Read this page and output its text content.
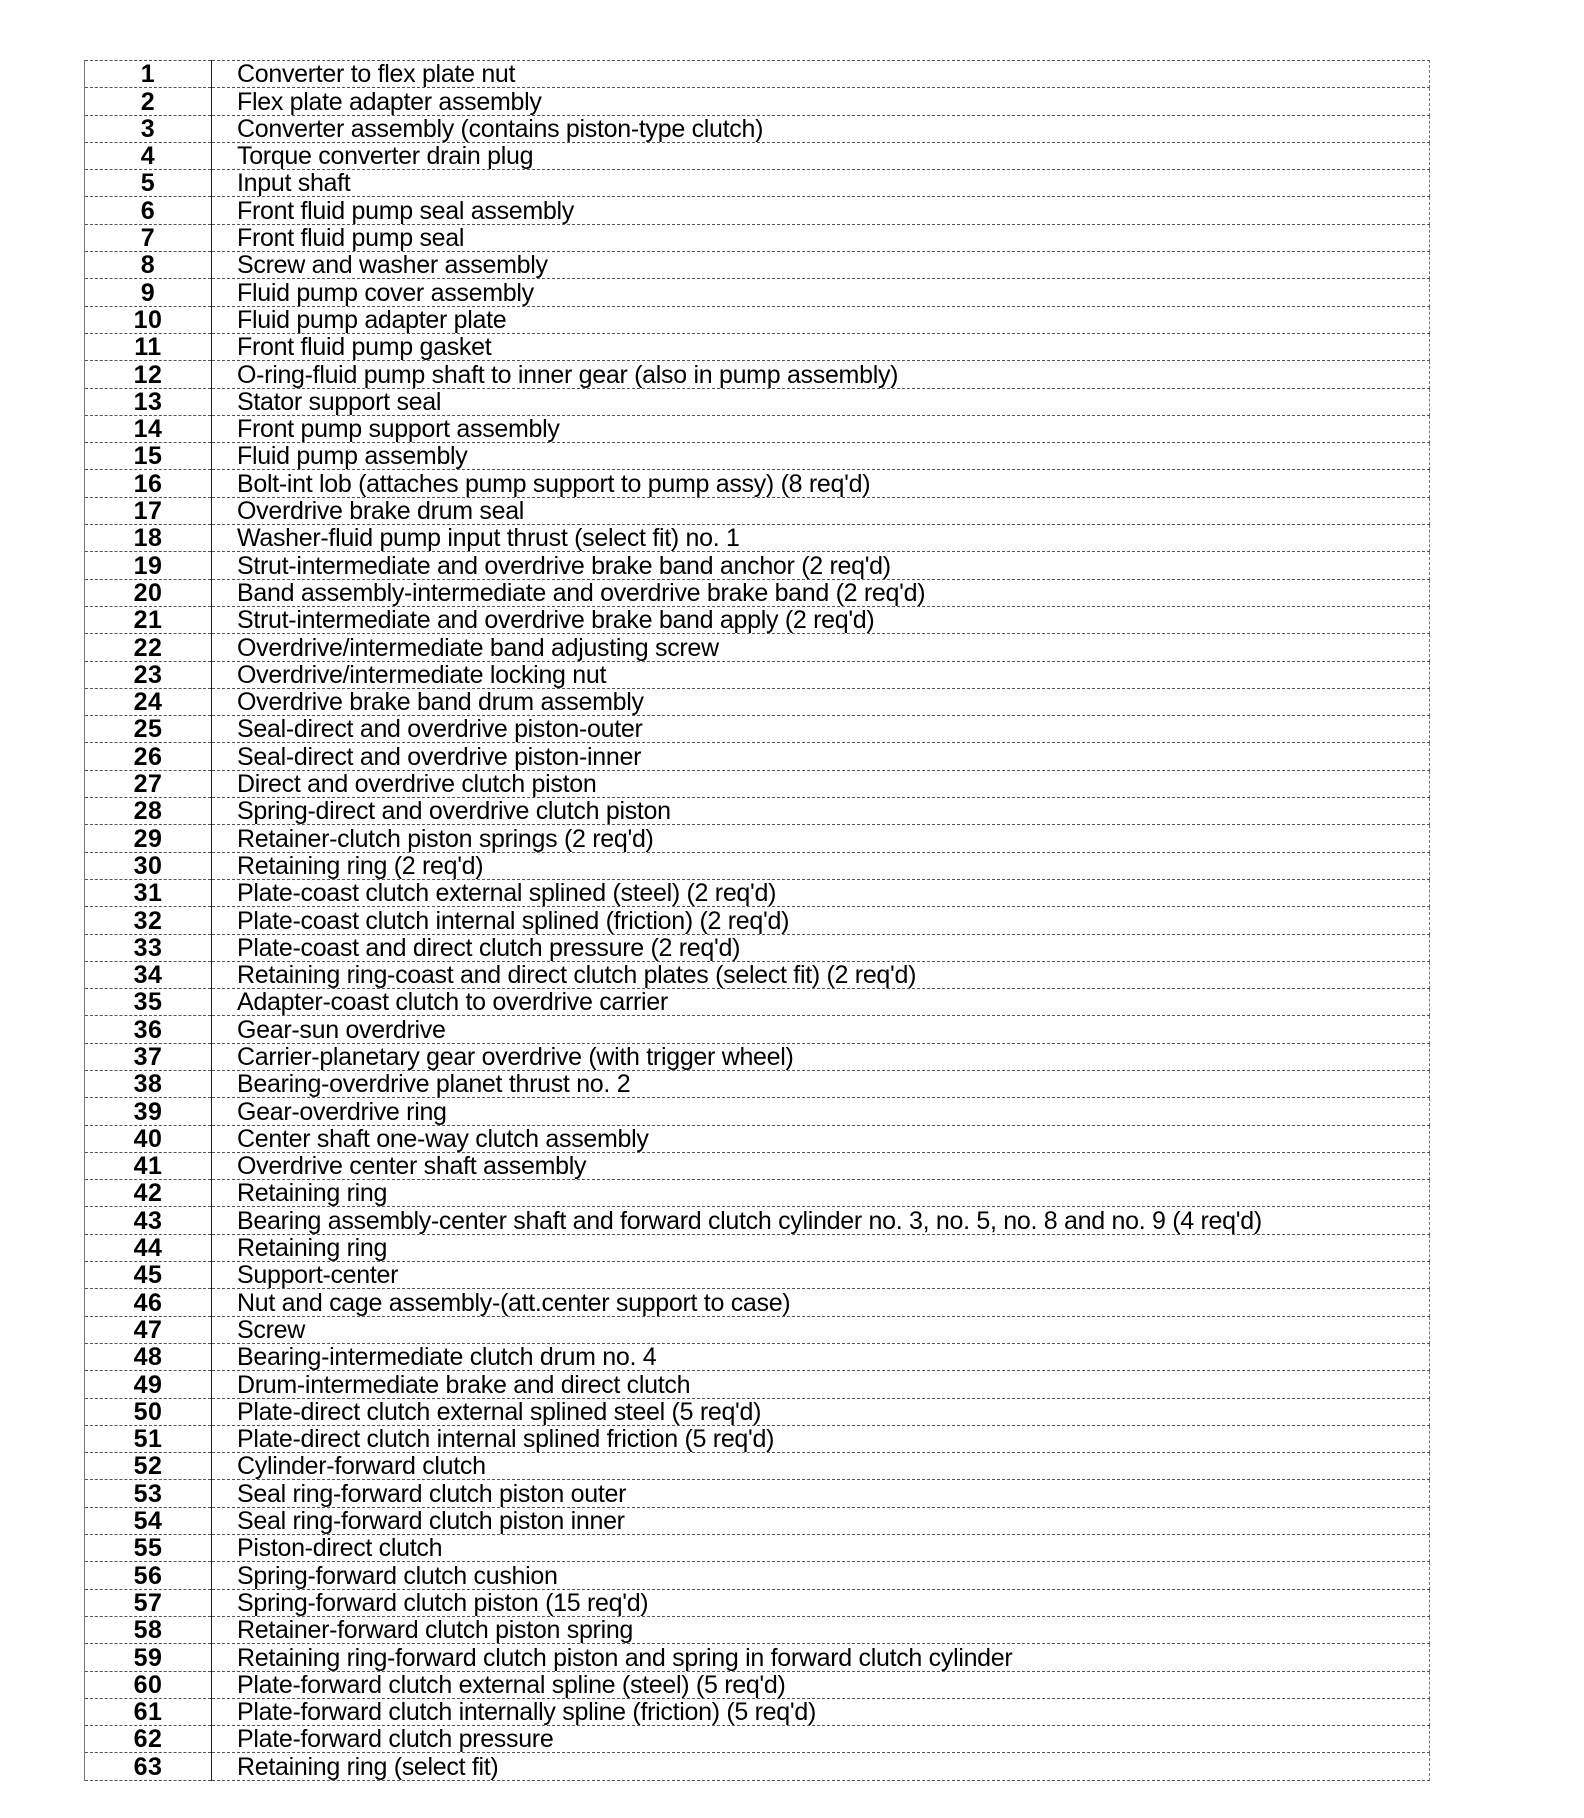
1	Converter to flex plate nut
2	Flex plate adapter assembly
3	Converter assembly (contains piston-type clutch)
4	Torque converter drain plug
5	Input shaft
6	Front fluid pump seal assembly
7	Front fluid pump seal
8	Screw and washer assembly
9	Fluid pump cover assembly
10	Fluid pump adapter plate
11	Front fluid pump gasket
12	O-ring-fluid pump shaft to inner gear (also in pump assembly)
13	Stator support seal
14	Front pump support assembly
15	Fluid pump assembly
16	Bolt-int lob (attaches pump support to pump assy) (8 req'd)
17	Overdrive brake drum seal
18	Washer-fluid pump input thrust (select fit) no. 1
19	Strut-intermediate and overdrive brake band anchor (2 req'd)
20	Band assembly-intermediate and overdrive brake band (2 req'd)
21	Strut-intermediate and overdrive brake band apply (2 req'd)
22	Overdrive/intermediate band adjusting screw
23	Overdrive/intermediate locking nut
24	Overdrive brake band drum assembly
25	Seal-direct and overdrive piston-outer
26	Seal-direct and overdrive piston-inner
27	Direct and overdrive clutch piston
28	Spring-direct and overdrive clutch piston
29	Retainer-clutch piston springs (2 req'd)
30	Retaining ring (2 req'd)
31	Plate-coast clutch external splined (steel) (2 req'd)
32	Plate-coast clutch internal splined (friction) (2 req'd)
33	Plate-coast and direct clutch pressure (2 req'd)
34	Retaining ring-coast and direct clutch plates (select fit) (2 req'd)
35	Adapter-coast clutch to overdrive carrier
36	Gear-sun overdrive
37	Carrier-planetary gear overdrive (with trigger wheel)
38	Bearing-overdrive planet thrust no. 2
39	Gear-overdrive ring
40	Center shaft one-way clutch assembly
41	Overdrive center shaft assembly
42	Retaining ring
43	Bearing assembly-center shaft and forward clutch cylinder no. 3, no. 5, no. 8 and no. 9 (4 req'd)
44	Retaining ring
45	Support-center
46	Nut and cage assembly-(att.center support to case)
47	Screw
48	Bearing-intermediate clutch drum no. 4
49	Drum-intermediate brake and direct clutch
50	Plate-direct clutch external splined steel (5 req'd)
51	Plate-direct clutch internal splined friction (5 req'd)
52	Cylinder-forward clutch
53	Seal ring-forward clutch piston outer
54	Seal ring-forward clutch piston inner
55	Piston-direct clutch
56	Spring-forward clutch cushion
57	Spring-forward clutch piston (15 req'd)
58	Retainer-forward clutch piston spring
59	Retaining ring-forward clutch piston and spring in forward clutch cylinder
60	Plate-forward clutch external spline (steel) (5 req'd)
61	Plate-forward clutch internally spline (friction) (5 req'd)
62	Plate-forward clutch pressure
63	Retaining ring (select fit)
